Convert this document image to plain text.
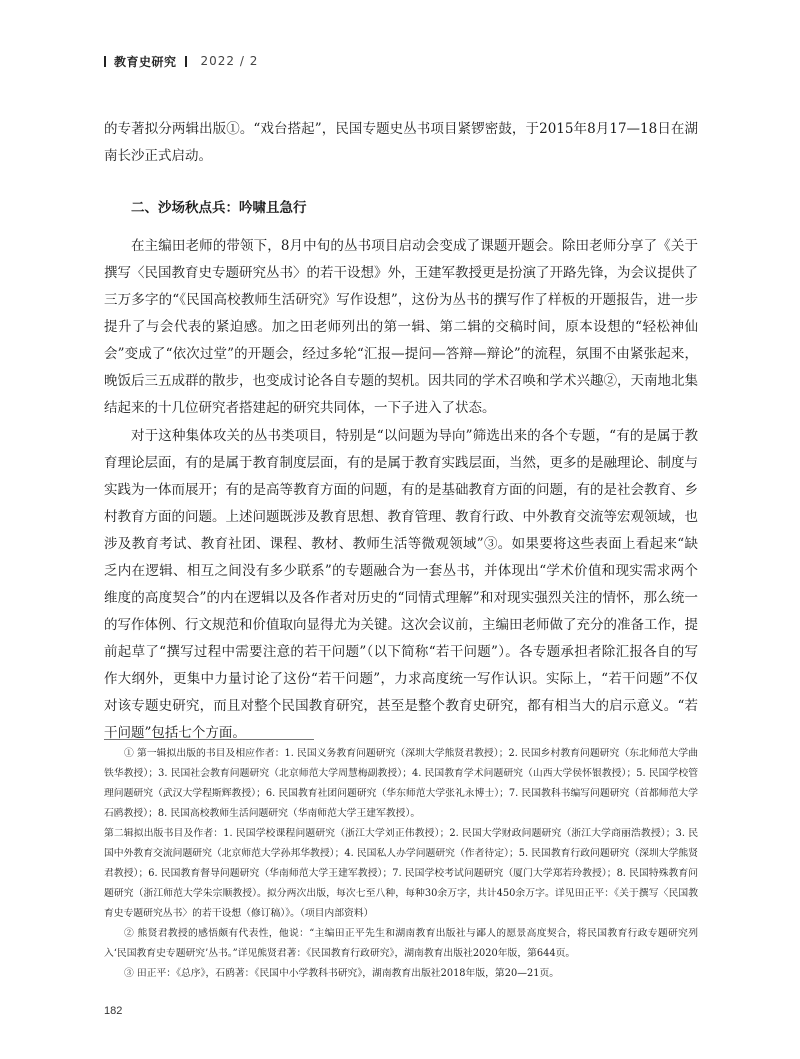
教育史研究 2022 / 2

的专著拟分两辑出版①。“戏台搭起”，民国专题史丛书项目紧锣密鼓，于2015年8月17—18日在湖南长沙正式启动。

二、沙场秋点兵：吟啸且急行

在主编田老师的带领下，8月中旬的丛书项目启动会变成了课题开题会。除田老师分享了《关于撰写〈民国教育史专题研究丛书〉的若干设想》外，王建军教授更是扮演了开路先锋，为会议提供了三万多字的“《民国高校教师生活研究》写作设想”，这份为丛书的撰写作了样板的开题报告，进一步提升了与会代表的紧迫感。加之田老师列出的第一辑、第二辑的交稿时间，原本设想的“轻松神仙会”变成了“依次过堂”的开题会，经过多轮“汇报—提问—答辩—辩论”的流程，氛围不由紧张起来，晚饭后三五成群的散步，也变成讨论各自专题的契机。因共同的学术召唤和学术兴趣②，天南地北集结起来的十几位研究者搭建起的研究共同体，一下子进入了状态。

对于这种集体攻关的丛书类项目，特别是“以问题为导向”筛选出来的各个专题，“有的是属于教育理论层面，有的是属于教育制度层面，有的是属于教育实践层面，当然，更多的是融理论、制度与实践为一体而展开；有的是高等教育方面的问题，有的是基础教育方面的问题，有的是社会教育、乡村教育方面的问题。上述问题既涉及教育思想、教育管理、教育行政、中外教育交流等宏观领域，也涉及教育考试、教育社团、课程、教材、教师生活等微观领域”③。如果要将这些表面上看起来“缺乏内在逻辑、相互之间没有多少联系”的专题融合为一套丛书，并体现出“学术价值和现实需求两个维度的高度契合”的内在逻辑以及各作者对历史的“同情式理解”和对现实强烈关注的情怀，那么统一的写作体例、行文规范和价值取向显得尤为关键。这次会议前，主编田老师做了充分的准备工作，提前起草了“撰写过程中需要注意的若干问题”（以下简称“若干问题”）。各专题承担者除汇报各自的写作大纲外，更集中力量讨论了这份“若干问题”，力求高度统一写作认识。实际上，“若干问题”不仅对该专题史研究，而且对整个民国教育研究，甚至是整个教育史研究，都有相当大的启示意义。“若干问题”包括七个方面。

① 第一辑拟出版的书目及相应作者：1. 民国义务教育问题研究（深圳大学熊贤君教授）；2. 民国乡村教育问题研究（东北师范大学曲铁华教授）；3. 民国社会教育问题研究（北京师范大学周慧梅副教授）；4. 民国教育学术问题研究（山西大学侯怀银教授）；5. 民国学校管理问题研究（武汉大学程斯辉教授）；6. 民国教育社团问题研究（华东师范大学张礼永博士）；7. 民国教科书编写问题研究（首都师范大学石鸥教授）；8. 民国高校教师生活问题研究（华南师范大学王建军教授）。

第二辑拟出版书目及作者：1. 民国学校课程问题研究（浙江大学刘正伟教授）；2. 民国大学财政问题研究（浙江大学商丽浩教授）；3. 民国中外教育交流问题研究（北京师范大学孙邦华教授）；4. 民国私人办学问题研究（作者待定）；5. 民国教育行政问题研究（深圳大学熊贤君教授）；6. 民国教育督导问题研究（华南师范大学王建军教授）；7. 民国学校考试问题研究（厦门大学郑若玲教授）；8. 民国特殊教育问题研究（浙江师范大学朱宗顺教授）。拟分两次出版，每次七至八种，每种30余万字，共计450余万字。详见田正平：《关于撰写〈民国教育史专题研究丛书〉的若干设想（修订稿）》。（项目内部资料）

② 熊贤君教授的感悟颇有代表性，他说：“主编田正平先生和湖南教育出版社与鄙人的愿景高度契合，将民国教育行政专题研究列入‘民国教育史专题研究’丛书。”详见熊贤君著：《民国教育行政研究》，湖南教育出版社2020年版，第644页。

③ 田正平：《总序》，石鸥著：《民国中小学教科书研究》，湖南教育出版社2018年版，第20—21页。

182
